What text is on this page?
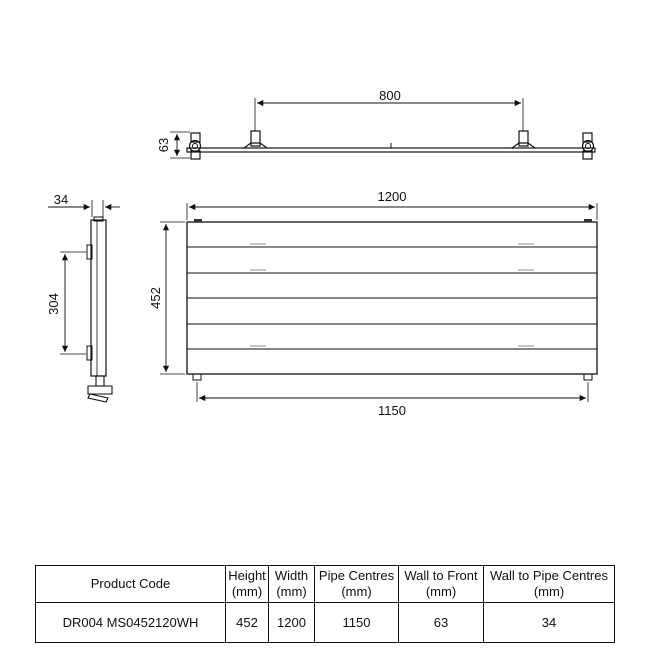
800
63
34
304
1200
452
1150
Product Code	Height (mm)	Width (mm)	Pipe Centres (mm)	Wall to Front (mm)	Wall to Pipe Centres (mm)
DR004 MS0452120WH	452	1200	1150	63	34
